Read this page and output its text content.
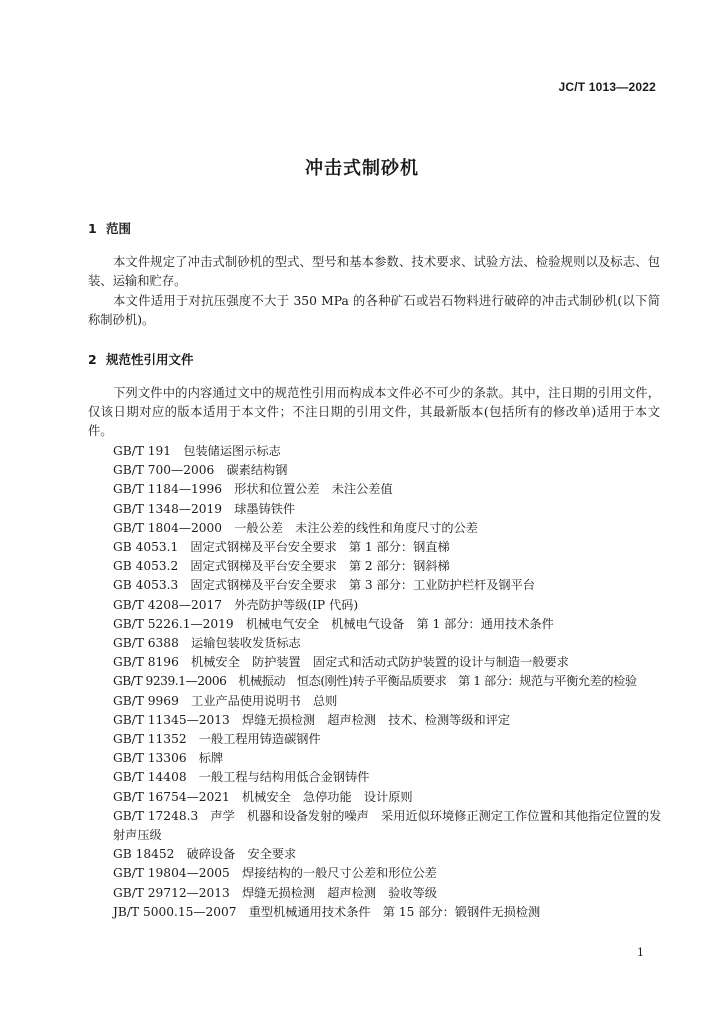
JC/T 1013—2022
冲击式制砂机
1 范围

本文件规定了冲击式制砂机的型式、型号和基本参数、技术要求、试验方法、检验规则以及标志、包装、运输和贮存。

本文件适用于对抗压强度不大于 350 MPa 的各种矿石或岩石物料进行破碎的冲击式制砂机(以下简称制砂机)。

2 规范性引用文件

下列文件中的内容通过文中的规范性引用而构成本文件必不可少的条款。其中，注日期的引用文件，仅该日期对应的版本适用于本文件；不注日期的引用文件，其最新版本(包括所有的修改单)适用于本文件。

GB/T 191　 包装储运图示标志
GB/T 700—2006　 碳素结构钢
GB/T 1184—1996　 形状和位置公差　未注公差值
GB/T 1348—2019　 球墨铸铁件
GB/T 1804—2000　 一般公差　未注公差的线性和角度尺寸的公差
GB 4053.1　 固定式钢梯及平台安全要求　第 1 部分：钢直梯
GB 4053.2　 固定式钢梯及平台安全要求　第 2 部分：钢斜梯
GB 4053.3　 固定式钢梯及平台安全要求　第 3 部分：工业防护栏杆及钢平台
GB/T 4208—2017　 外壳防护等级(IP 代码)
GB/T 5226.1—2019　 机械电气安全　机械电气设备　第 1 部分：通用技术条件
GB/T 6388　 运输包装收发货标志
GB/T 8196　 机械安全　防护装置　固定式和活动式防护装置的设计与制造一般要求
GB/T 9239.1—2006　 机械振动　恒态(刚性)转子平衡品质要求　第 1 部分：规范与平衡允差的检验
GB/T 9969　 工业产品使用说明书　总则
GB/T 11345—2013　 焊缝无损检测　超声检测　技术、检测等级和评定
GB/T 11352　 一般工程用铸造碳钢件
GB/T 13306　 标牌
GB/T 14408　 一般工程与结构用低合金钢铸件
GB/T 16754—2021　 机械安全　急停功能　设计原则
GB/T 17248.3　 声学　机器和设备发射的噪声　采用近似环境修正测定工作位置和其他指定位置的发射声压级
GB 18452　 破碎设备　安全要求
GB/T 19804—2005　 焊接结构的一般尺寸公差和形位公差
GB/T 29712—2013　 焊缝无损检测　超声检测　验收等级
JB/T 5000.15—2007　 重型机械通用技术条件　第 15 部分：锻钢件无损检测
1
